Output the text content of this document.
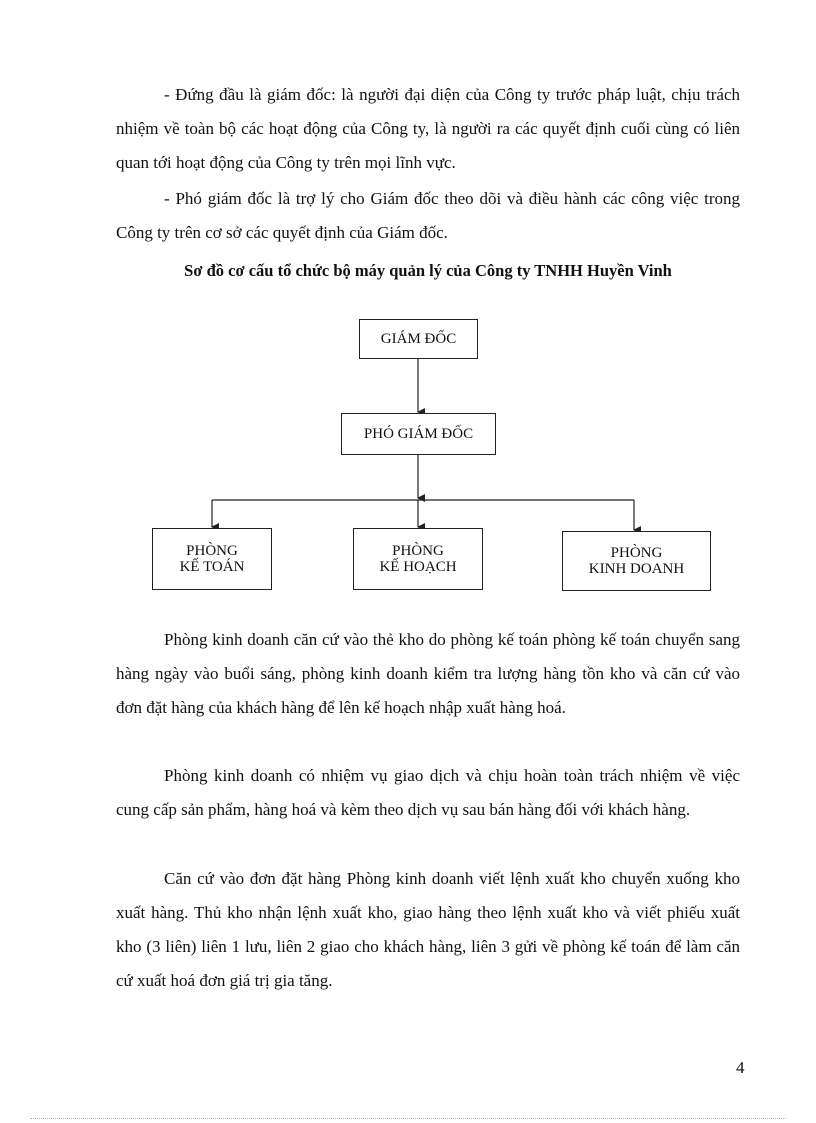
- Đứng đầu là giám đốc: là người đại diện của Công ty trước pháp luật, chịu trách nhiệm về toàn bộ các hoạt động của Công ty, là người ra các quyết định cuối cùng có liên quan tới hoạt động của Công ty trên mọi lĩnh vực.

- Phó giám đốc là trợ lý cho Giám đốc theo dõi và điều hành các công việc trong Công ty trên cơ sở các quyết định của Giám đốc.

Sơ đồ cơ cấu tổ chức bộ máy quản lý của Công ty TNHH Huyền Vinh

GIÁM ĐỐC
PHÓ GIÁM ĐỐC
PHÒNG
KẾ TOÁN
PHÒNG
KẾ HOẠCH
PHÒNG
KINH DOANH

Phòng kinh doanh căn cứ vào thẻ kho do phòng kế toán phòng kế toán chuyển sang hàng ngày vào buổi sáng, phòng kinh doanh kiểm tra lượng hàng tồn kho và căn cứ vào đơn đặt hàng của khách hàng để lên kế hoạch nhập xuất hàng hoá.

Phòng kinh doanh có nhiệm vụ giao dịch và chịu hoàn toàn trách nhiệm về việc cung cấp sản phẩm, hàng hoá và kèm theo dịch vụ sau bán hàng đối với khách hàng.

Căn cứ vào đơn đặt hàng Phòng kinh doanh viết lệnh xuất kho chuyển xuống kho xuất hàng. Thủ kho nhận lệnh xuất kho, giao hàng theo lệnh xuất kho và viết phiếu xuất kho (3 liên) liên 1 lưu, liên 2 giao cho khách hàng, liên 3 gửi về phòng kế toán để làm căn cứ xuất hoá đơn giá trị gia tăng.

4
